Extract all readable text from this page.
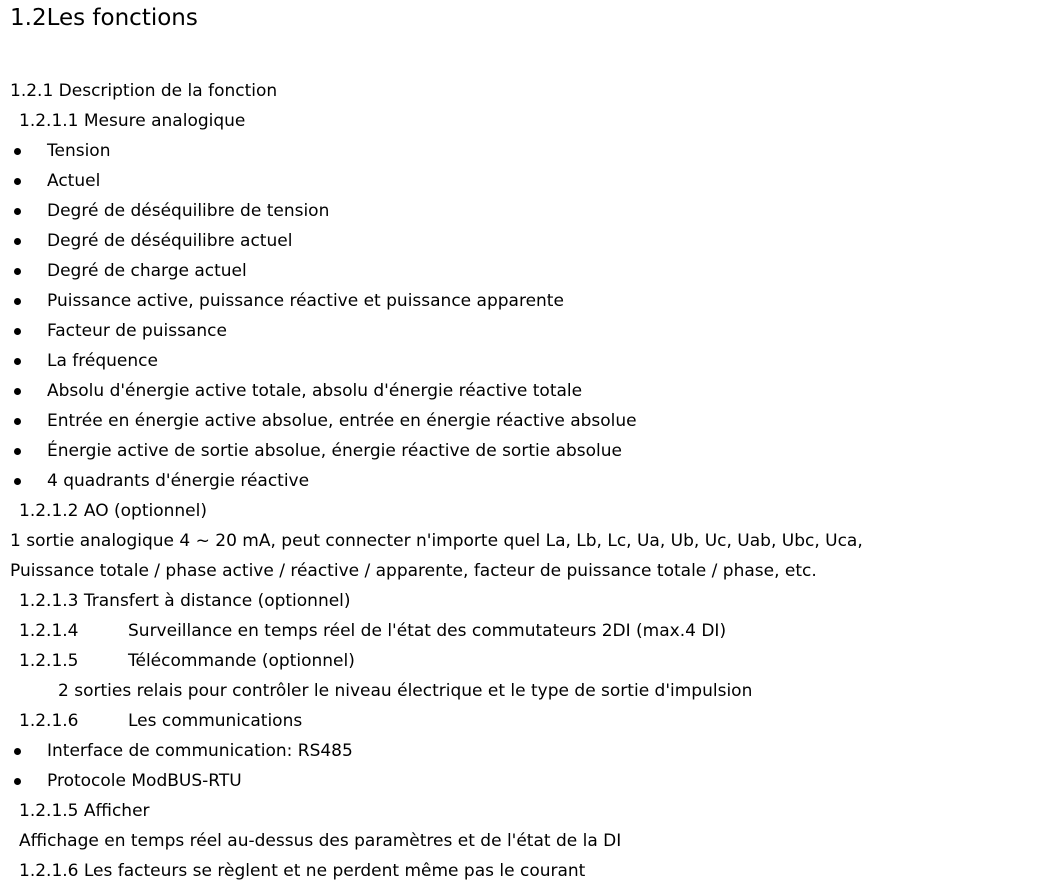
1.2Les fonctions
1.2.1 Description de la fonction
1.2.1.1 Mesure analogique
Tension
Actuel
Degré de déséquilibre de tension
Degré de déséquilibre actuel
Degré de charge actuel
Puissance active, puissance réactive et puissance apparente
Facteur de puissance
La fréquence
Absolu d'énergie active totale, absolu d'énergie réactive totale
Entrée en énergie active absolue, entrée en énergie réactive absolue
Énergie active de sortie absolue, énergie réactive de sortie absolue
4 quadrants d'énergie réactive
1.2.1.2 AO (optionnel)
1 sortie analogique 4 ~ 20 mA, peut connecter n'importe quel La, Lb, Lc, Ua, Ub, Uc, Uab, Ubc, Uca,
Puissance totale / phase active / réactive / apparente, facteur de puissance totale / phase, etc.
1.2.1.3 Transfert à distance (optionnel)
1.2.1.4	Surveillance en temps réel de l'état des commutateurs 2DI (max.4 DI)
1.2.1.5	Télécommande (optionnel)
2 sorties relais pour contrôler le niveau électrique et le type de sortie d'impulsion
1.2.1.6	Les communications
Interface de communication: RS485
Protocole ModBUS-RTU
1.2.1.5 Afficher
Affichage en temps réel au-dessus des paramètres et de l'état de la DI
1.2.1.6 Les facteurs se règlent et ne perdent même pas le courant
